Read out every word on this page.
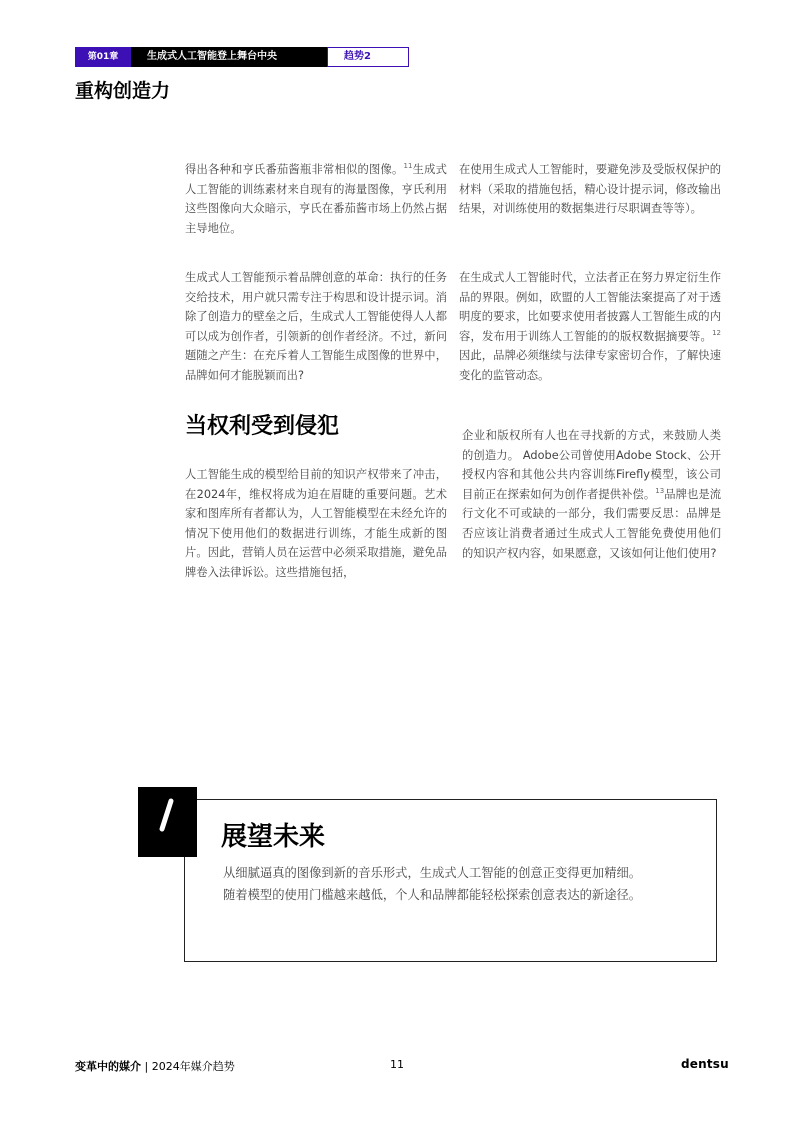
第01章	生成式人工智能登上舞台中央	趋势2
重构创造力

得出各种和亨氏番茄酱瓶非常相似的图像。$^{11}$生成式人工智能的训练素材来自现有的海量图像，亨氏利用这些图像向大众暗示，亨氏在番茄酱市场上仍然占据主导地位。

生成式人工智能预示着品牌创意的革命：执行的任务交给技术，用户就只需专注于构思和设计提示词。消除了创造力的壁垒之后，生成式人工智能使得人人都可以成为创作者，引领新的创作者经济。不过，新问题随之产生：在充斥着人工智能生成图像的世界中，品牌如何才能脱颖而出?

当权利受到侵犯

人工智能生成的模型给目前的知识产权带来了冲击，在2024年，维权将成为迫在眉睫的重要问题。艺术家和图库所有者都认为，人工智能模型在未经允许的情况下使用他们的数据进行训练，才能生成新的图片。因此，营销人员在运营中必须采取措施，避免品牌卷入法律诉讼。这些措施包括，

在使用生成式人工智能时，要避免涉及受版权保护的材料（采取的措施包括，精心设计提示词，修改输出结果，对训练使用的数据集进行尽职调查等等）。

在生成式人工智能时代，立法者正在努力界定衍生作品的界限。例如，欧盟的人工智能法案提高了对于透明度的要求，比如要求使用者披露人工智能生成的内容，发布用于训练人工智能的的版权数据摘要等。$^{12}$因此，品牌必须继续与法律专家密切合作，了解快速变化的监管动态。

企业和版权所有人也在寻找新的方式，来鼓励人类的创造力。 Adobe公司曾使用Adobe Stock、公开授权内容和其他公共内容训练Firefly模型，该公司目前正在探索如何为创作者提供补偿。$^{13}$品牌也是流行文化不可或缺的一部分，我们需要反思：品牌是否应该让消费者通过生成式人工智能免费使用他们的知识产权内容，如果愿意，又该如何让他们使用?

展望未来

从细腻逼真的图像到新的音乐形式，生成式人工智能的创意正变得更加精细。
随着模型的使用门槛越来越低，个人和品牌都能轻松探索创意表达的新途径。

变革中的媒介 | 2024年媒介趋势	11	dentsu
